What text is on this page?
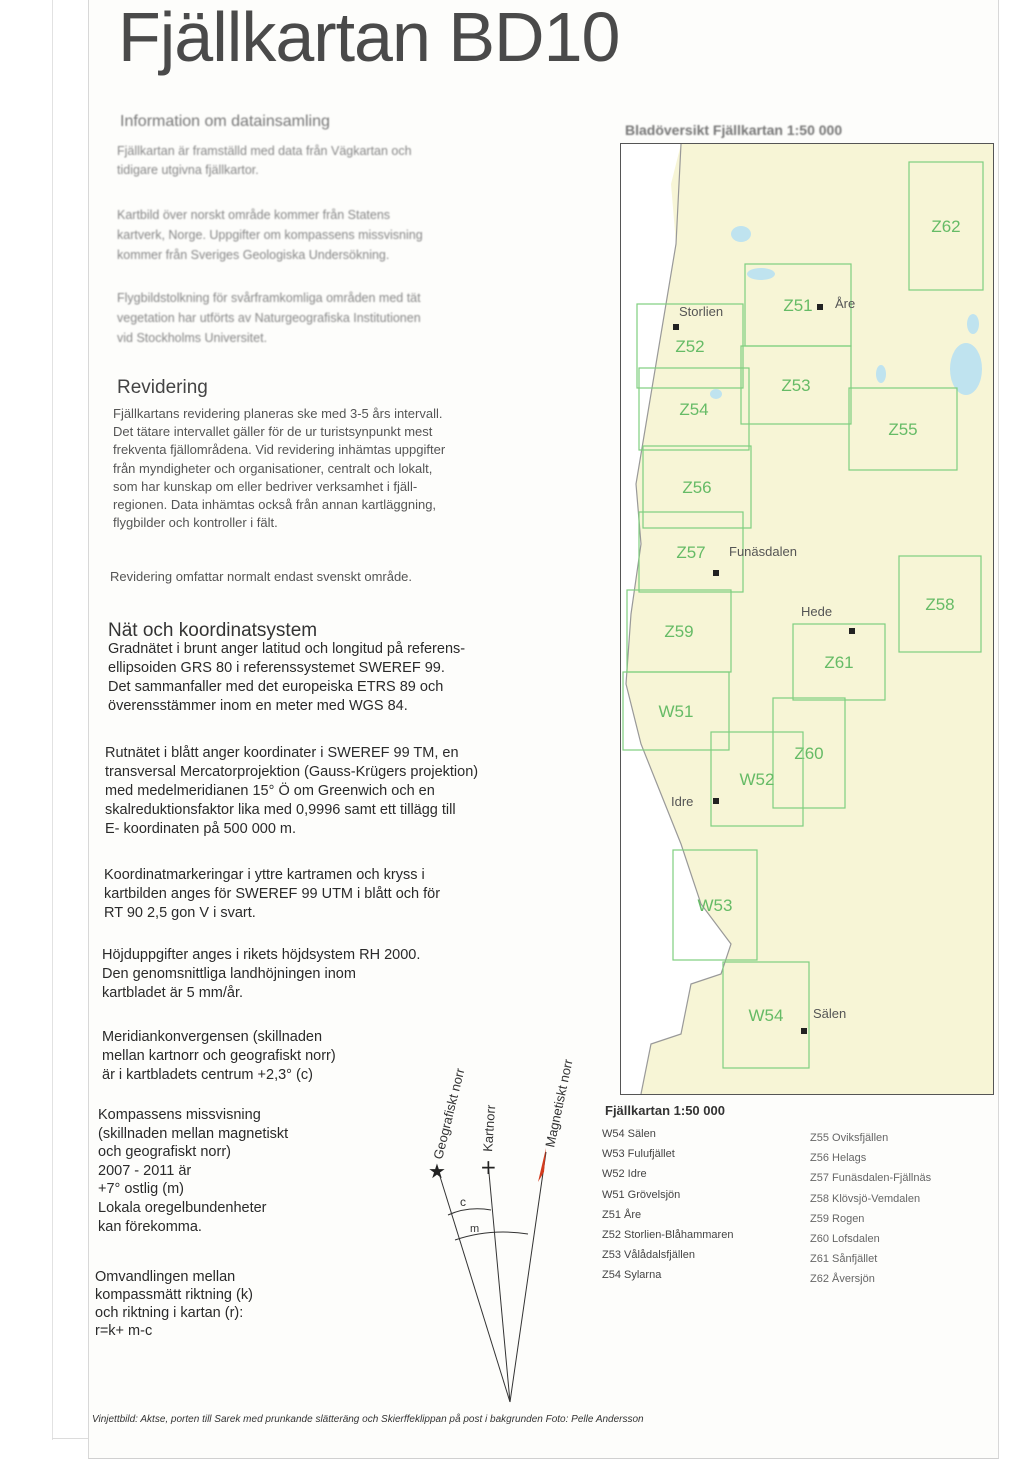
Fjällkartan BD10
Information om datainsamling
Fjällkartan är framställd med data från Vägkartan och
tidigare utgivna fjällkartor.
Kartbild över norskt område kommer från Statens
kartverk, Norge. Uppgifter om kompassens missvisning
kommer från Sveriges Geologiska Undersökning.
Flygbildstolkning för svårframkomliga områden med tät
vegetation har utförts av Naturgeografiska Institutionen
vid Stockholms Universitet.
Revidering
Fjällkartans revidering planeras ske med 3-5 års intervall.
Det tätare intervallet gäller för de ur turistsynpunkt mest
frekventa fjällområdena. Vid revidering inhämtas uppgifter
från myndigheter och organisationer, centralt och lokalt,
som har kunskap om eller bedriver verksamhet i fjäll-
regionen. Data inhämtas också från annan kartläggning,
flygbilder och kontroller i fält.
Revidering omfattar normalt endast svenskt område.
Nät och koordinatsystem
Gradnätet i brunt anger latitud och longitud på referens-
ellipsoiden GRS 80 i referenssystemet SWEREF 99.
Det sammanfaller med det europeiska ETRS 89 och
överensstämmer inom en meter med WGS 84.
Rutnätet i blått anger koordinater i SWEREF 99 TM, en
transversal Mercatorprojektion (Gauss-Krügers projektion)
med medelmeridianen 15° Ö om Greenwich och en
skalreduktionsfaktor lika med 0,9996 samt ett tillägg till
E- koordinaten på 500 000 m.
Koordinatmarkeringar i yttre kartramen och kryss i
kartbilden anges för SWEREF 99 UTM i blått och för
RT 90 2,5 gon V i svart.
Höjduppgifter anges i rikets höjdsystem RH 2000.
Den genomsnittliga landhöjningen inom
kartbladet är 5 mm/år.
Meridiankonvergensen (skillnaden
mellan kartnorr och geografiskt norr)
är i kartbladets centrum +2,3° (c)
Kompassens missvisning
(skillnaden mellan magnetiskt
och geografiskt norr)
2007 - 2011 är
+7° ostlig (m)
Lokala oregelbundenheter
kan förekomma.
Omvandlingen mellan
kompassmätt riktning (k)
och riktning i kartan (r):
r=k+ m-c
★ +
c
m
Geografiskt norr Kartnorr	Magnetiskt norr
Bladöversikt Fjällkartan 1:50 000
Z62
Z51
Z52
Z53
Z54
Z55
Z56
Z57
Z58
Z59
Z61
W51
Z60
W52
W53
W54
Storlien
Åre
Funäsdalen
Hede
Idre
Sälen
Fjällkartan 1:50 000
W54 Sälen
W53 Fulufjället
W52 Idre
W51 Grövelsjön
Z51 Åre
Z52 Storlien-Blåhammaren
Z53 Vålådalsfjällen
Z54 Sylarna
Z55 Oviksfjällen
Z56 Helags
Z57 Funäsdalen-Fjällnäs
Z58 Klövsjö-Vemdalen
Z59 Rogen
Z60 Lofsdalen
Z61 Sånfjället
Z62 Åversjön
Vinjettbild: Aktse, porten till Sarek med prunkande slätteräng och Skierffeklippan på post i bakgrunden Foto: Pelle Andersson
